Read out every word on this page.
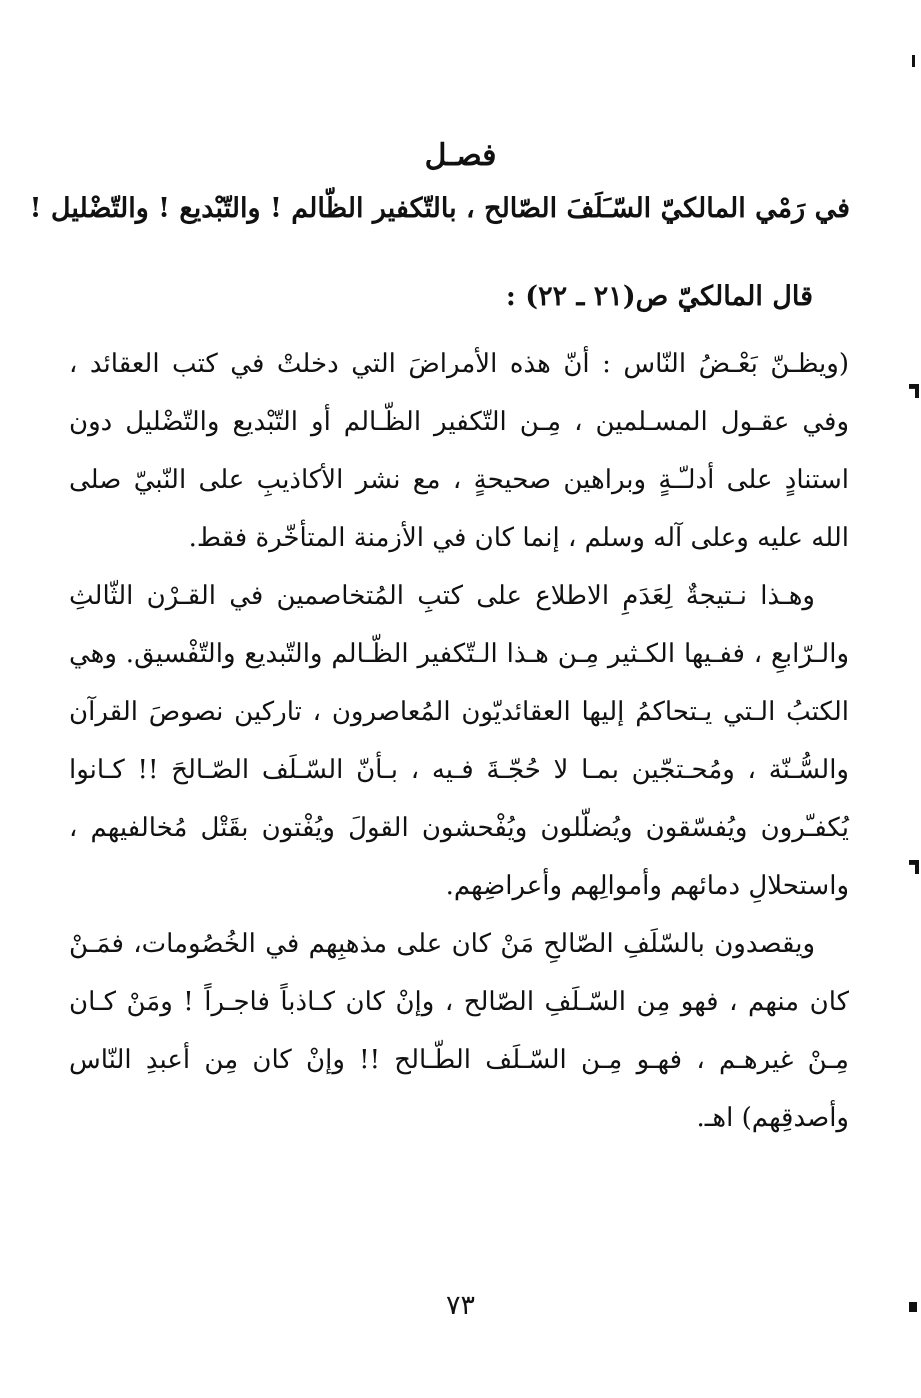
فصـل
في رَمْي المالكيّ السّـَلَفَ الصّالح ، بالتّكفير الظّالم ! والتّبْديع ! والتّضْليل !
قال المالكيّ ص(٢١ ـ ٢٢) :

(ويظـنّ بَعْـضُ النّاس : أنّ هذه الأمراضَ التي دخلتْ في كتب العقائد ، وفي عقـول المسـلمين ، مِـن التّكفير الظّـالم أو التّبْديع والتّضْليل دون استنادٍ على أدلـّـةٍ وبراهين صحيحةٍ ، مع نشر الأكاذيبِ على النّبيّ صلى الله عليه وعلى آله وسلم ، إنما كان في الأزمنة المتأخّرة فقط.

وهـذا نـتيجةٌ لِعَدَمِ الاطلاع على كتبِ المُتخاصمين في القـرْن الثّالثِ والـرّابعِ ، ففـيها الكـثير مِـن هـذا الـتّكفير الظّـالم والتّبديع والتّفْسيق. وهي الكتبُ الـتي يـتحاكمُ إليها العقائديّون المُعاصرون ، تاركين نصوصَ القرآن والسُّـنّة ، ومُحـتجّين بمـا لا حُجّـةَ فـيه ، بـأنّ السّـلَف الصّـالحَ !! كـانوا يُكفـّرون ويُفسّقون ويُضلّلون ويُفْحشون القولَ ويُفْتون بقَتْل مُخالفيهم ، واستحلالِ دمائهم وأموالِهم وأعراضِهم.

ويقصدون بالسّلَفِ الصّالحِ مَنْ كان على مذهبِهم في الخُصُومات، فمَـنْ كان منهم ، فهو مِن السّـلَفِ الصّالح ، وإنْ كان كـاذباً فاجـراً ! ومَنْ كـان مِـنْ غيرهـم ، فهـو مِـن السّـلَف الطّـالح !! وإنْ كان مِن أعبدِ النّاس وأصدقِهم) اهـ.

٧٣
